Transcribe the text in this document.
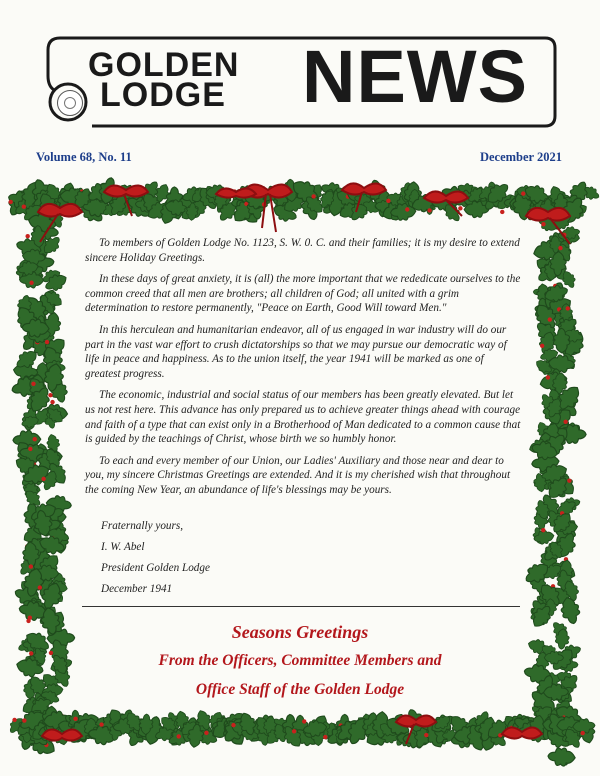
GOLDEN
LODGE NEWS
Volume 68, No. 11	December 2021

To members of Golden Lodge No. 1123, S. W. 0. C. and their families; it is my desire to extend sincere Holiday Greetings.

In these days of great anxiety, it is (all) the more important that we rededicate ourselves to the common creed that all men are brothers; all children of God; all united with a grim determination to restore permanently, "Peace on Earth, Good Will toward Men."

In this herculean and humanitarian endeavor, all of us engaged in war industry will do our part in the vast war effort to crush dictatorships so that we may pursue our democratic way of life in peace and happiness. As to the union itself, the year 1941 will be marked as one of greatest progress.

The economic, industrial and social status of our members has been greatly elevated. But let us not rest here. This advance has only prepared us to achieve greater things ahead with courage and faith of a type that can exist only in a Brotherhood of Man dedicated to a common cause that is guided by the teachings of Christ, whose birth we so humbly honor.

To each and every member of our Union, our Ladies' Auxiliary and those near and dear to you, my sincere Christmas Greetings are extended. And it is my cherished wish that throughout the coming New Year, an abundance of life's blessings may be yours.

Fraternally yours,
I. W. Abel
President Golden Lodge
December 1941
Seasons Greetings
From the Officers, Committee Members and
Office Staff of the Golden Lodge
